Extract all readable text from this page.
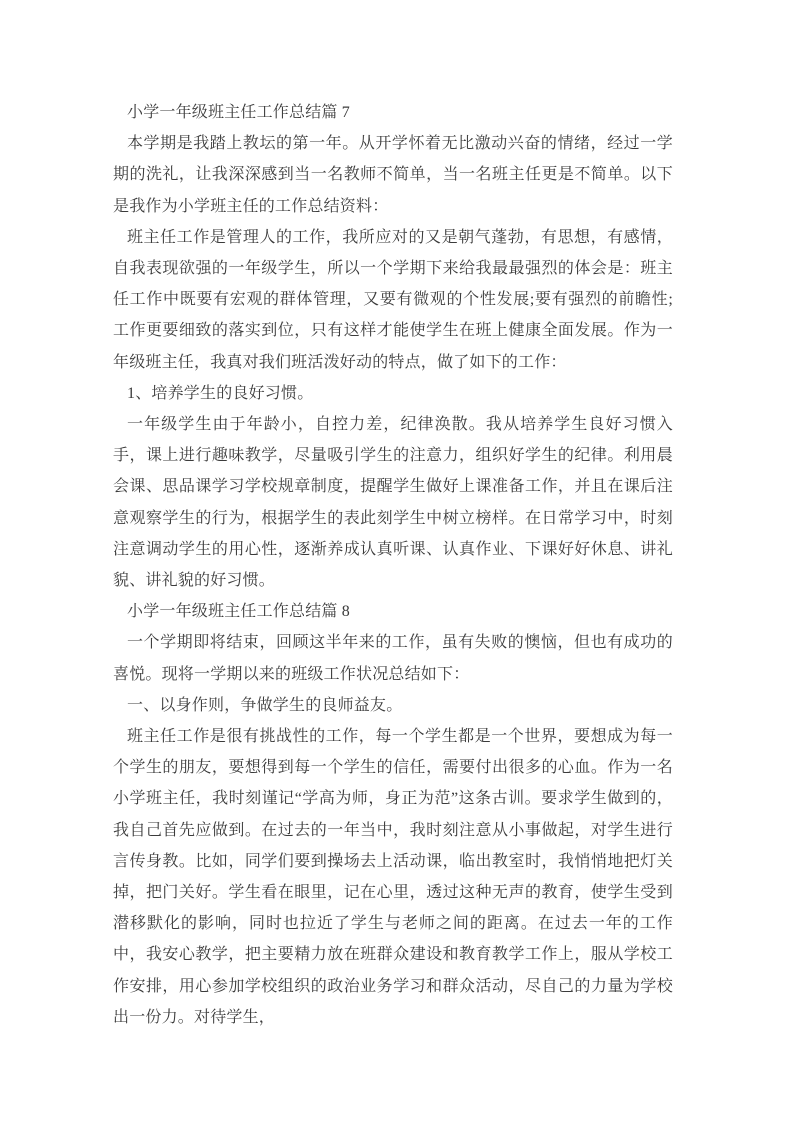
小学一年级班主任工作总结篇 7

本学期是我踏上教坛的第一年。从开学怀着无比激动兴奋的情绪，经过一学期的洗礼，让我深深感到当一名教师不简单，当一名班主任更是不简单。以下是我作为小学班主任的工作总结资料：

班主任工作是管理人的工作，我所应对的又是朝气蓬勃，有思想，有感情，自我表现欲强的一年级学生，所以一个学期下来给我最最强烈的体会是：班主任工作中既要有宏观的群体管理，又要有微观的个性发展;要有强烈的前瞻性;工作更要细致的落实到位，只有这样才能使学生在班上健康全面发展。作为一年级班主任，我真对我们班活泼好动的特点，做了如下的工作：

1、培养学生的良好习惯。

一年级学生由于年龄小，自控力差，纪律涣散。我从培养学生良好习惯入手，课上进行趣味教学，尽量吸引学生的注意力，组织好学生的纪律。利用晨会课、思品课学习学校规章制度，提醒学生做好上课准备工作，并且在课后注意观察学生的行为，根据学生的表此刻学生中树立榜样。在日常学习中，时刻注意调动学生的用心性，逐渐养成认真听课、认真作业、下课好好休息、讲礼貌、讲礼貌的好习惯。

小学一年级班主任工作总结篇 8

一个学期即将结束，回顾这半年来的工作，虽有失败的懊恼，但也有成功的喜悦。现将一学期以来的班级工作状况总结如下：

一、以身作则，争做学生的良师益友。

班主任工作是很有挑战性的工作，每一个学生都是一个世界，要想成为每一个学生的朋友，要想得到每一个学生的信任，需要付出很多的心血。作为一名小学班主任，我时刻谨记“学高为师，身正为范”这条古训。要求学生做到的，我自己首先应做到。在过去的一年当中，我时刻注意从小事做起，对学生进行言传身教。比如，同学们要到操场去上活动课，临出教室时，我悄悄地把灯关掉，把门关好。学生看在眼里，记在心里，透过这种无声的教育，使学生受到潜移默化的影响，同时也拉近了学生与老师之间的距离。在过去一年的工作中，我安心教学，把主要精力放在班群众建设和教育教学工作上，服从学校工作安排，用心参加学校组织的政治业务学习和群众活动，尽自己的力量为学校出一份力。对待学生，
